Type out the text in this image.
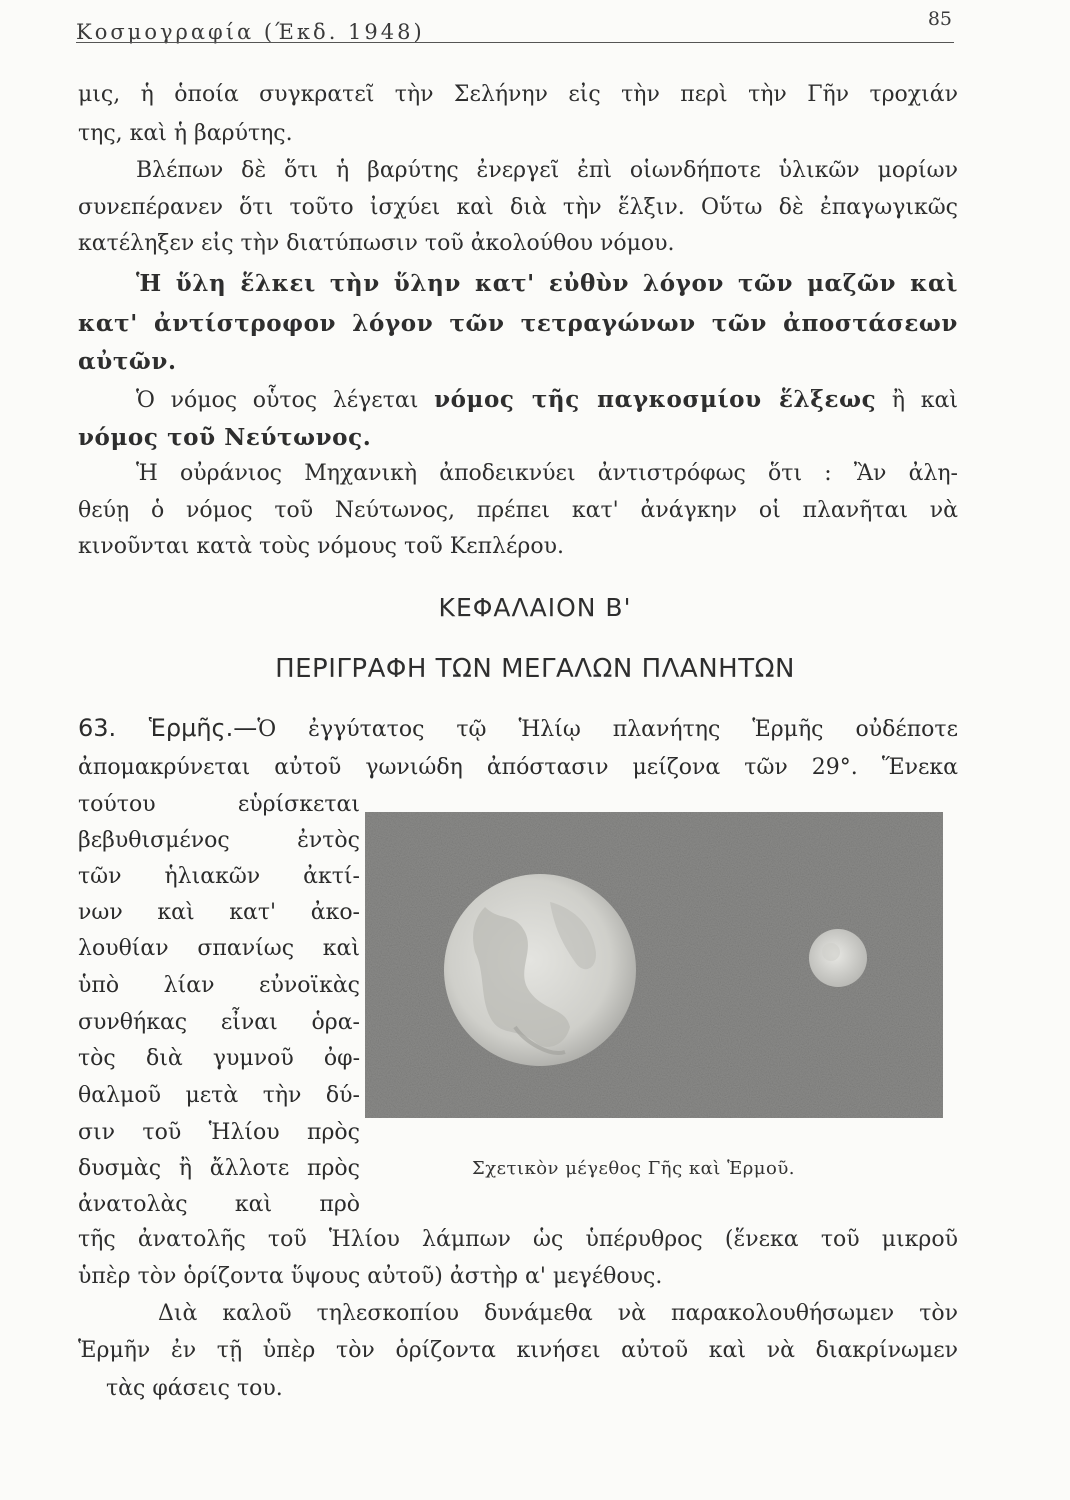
Κοσμογραφία (Έκδ. 1948)
85
μις, ἡ ὁποία συγκρατεῖ τὴν Σελήνην εἰς τὴν περὶ τὴν Γῆν τροχιάν
της, καὶ ἡ βαρύτης.
Βλέπων δὲ ὅτι ἡ βαρύτης ἐνεργεῖ ἐπὶ οἱωνδήποτε ὑλικῶν μορίων
συνεπέρανεν ὅτι τοῦτο ἰσχύει καὶ διὰ τὴν ἕλξιν. Οὕτω δὲ ἐπαγωγικῶς
κατέληξεν εἰς τὴν διατύπωσιν τοῦ ἀκολούθου νόμου.
Ἡ ὕλη ἕλκει τὴν ὕλην κατ' εὐθὺν λόγον τῶν μαζῶν καὶ
κατ' ἀντίστροφον λόγον τῶν τετραγώνων τῶν ἀποστάσεων
αὐτῶν.
Ὁ νόμος οὗτος λέγεται νόμος τῆς παγκοσμίου ἕλξεως ἢ καὶ
νόμος τοῦ Νεύτωνος.
Ἡ οὐράνιος Μηχανικὴ ἀποδεικνύει ἀντιστρόφως ὅτι : Ἂν ἀλη-
θεύῃ ὁ νόμος τοῦ Νεύτωνος, πρέπει κατ' ἀνάγκην οἱ πλανῆται νὰ
κινοῦνται κατὰ τοὺς νόμους τοῦ Κεπλέρου.
ΚΕΦΑΛΑΙΟΝ Β'
ΠΕΡΙΓΡΑΦΗ ΤΩΝ ΜΕΓΑΛΩΝ ΠΛΑΝΗΤΩΝ
63. Ἑρμῆς.—Ὁ ἐγγύτατος τῷ Ἡλίῳ πλανήτης Ἑρμῆς οὐδέποτε
ἀπομακρύνεται αὐτοῦ γωνιώδη ἀπόστασιν μείζονα τῶν 29°. Ἕνεκα
τούτου εὑρίσκεται
βεβυθισμένος ἐντὸς
τῶν ἡλιακῶν ἀκτί-
νων καὶ κατ' ἀκο-
λουθίαν σπανίως καὶ
ὑπὸ λίαν εὐνοϊκὰς
συνθήκας εἶναι ὁρα-
τὸς διὰ γυμνοῦ ὀφ-
θαλμοῦ μετὰ τὴν δύ-
σιν τοῦ Ἡλίου πρὸς
δυσμὰς ἢ ἄλλοτε πρὸς
ἀνατολὰς καὶ πρὸ
Σχετικὸν μέγεθος Γῆς καὶ Ἑρμοῦ.
τῆς ἀνατολῆς τοῦ Ἡλίου λάμπων ὡς ὑπέρυθρος (ἕνεκα τοῦ μικροῦ
ὑπὲρ τὸν ὁρίζοντα ὕψους αὐτοῦ) ἀστὴρ α' μεγέθους.
Διὰ καλοῦ τηλεσκοπίου δυνάμεθα νὰ παρακολουθήσωμεν τὸν
Ἑρμῆν ἐν τῇ ὑπὲρ τὸν ὁρίζοντα κινήσει αὐτοῦ καὶ νὰ διακρίνωμεν
τὰς φάσεις του.
